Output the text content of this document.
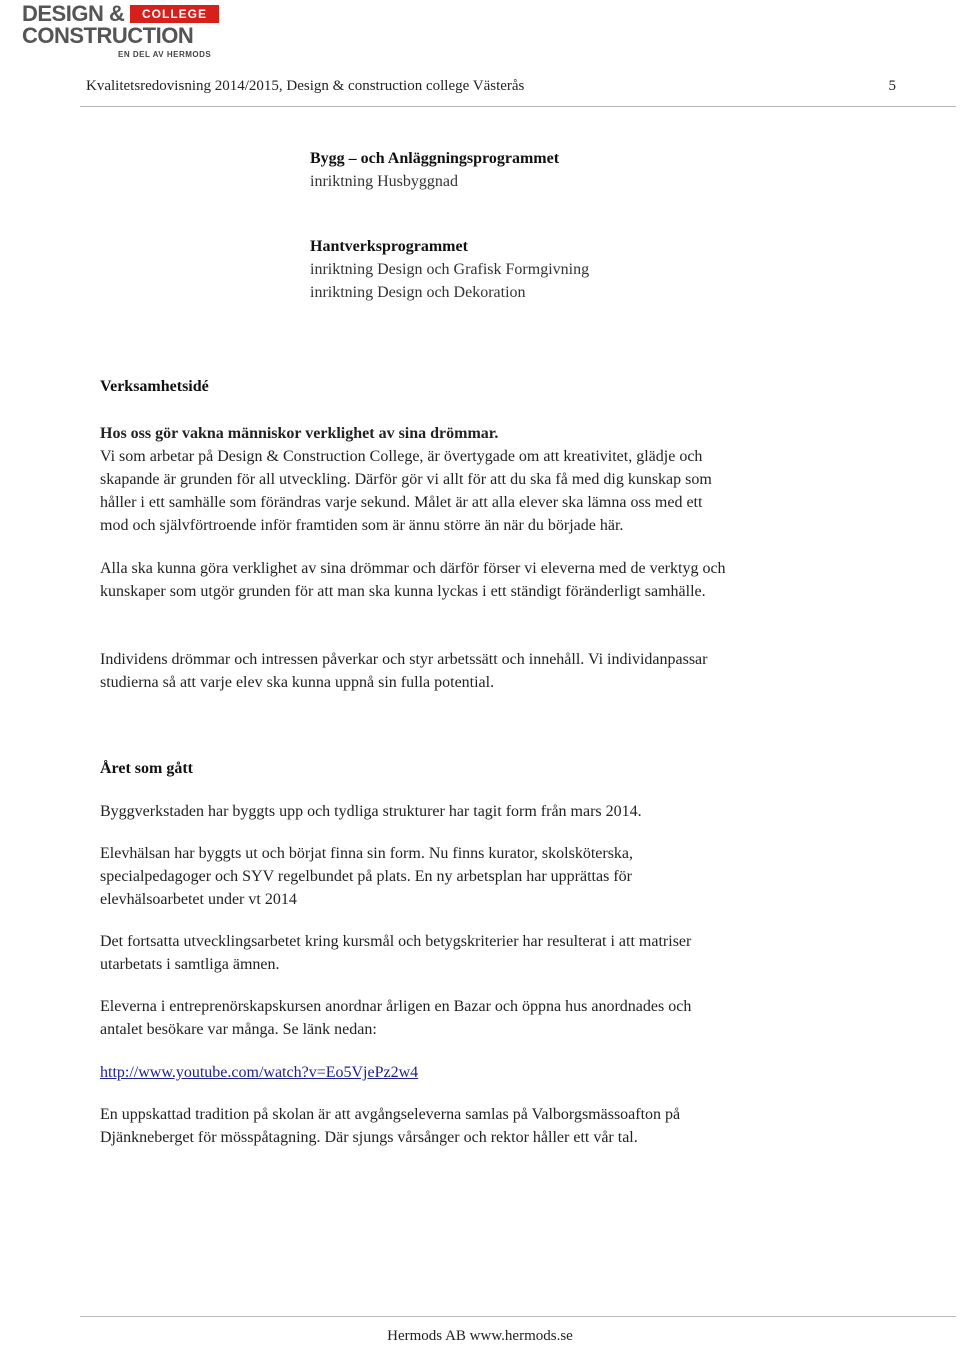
DESIGN &	COLLEGE
CONSTRUCTION
EN DEL AV HERMODS
Kvalitetsredovisning 2014/2015, Design & construction college Västerås	5
Bygg – och Anläggningsprogrammet
inriktning Husbyggnad
Hantverksprogrammet
inriktning Design och Grafisk Formgivning
inriktning Design och Dekoration
Verksamhetsidé

Hos oss gör vakna människor verklighet av sina drömmar.

Vi som arbetar på Design & Construction College, är övertygade om att kreativitet, glädje och
skapande är grunden för all utveckling. Därför gör vi allt för att du ska få med dig kunskap som
håller i ett samhälle som förändras varje sekund. Målet är att alla elever ska lämna oss med ett
mod och självförtroende inför framtiden som är ännu större än när du började här.

Alla ska kunna göra verklighet av sina drömmar och därför förser vi eleverna med de verktyg och
kunskaper som utgör grunden för att man ska kunna lyckas i ett ständigt föränderligt samhälle.
Individens drömmar och intressen påverkar och styr arbetssätt och innehåll. Vi individanpassar
studierna så att varje elev ska kunna uppnå sin fulla potential.
Året som gått
Byggverkstaden har byggts upp och tydliga strukturer har tagit form från mars 2014.
Elevhälsan har byggts ut och börjat finna sin form. Nu finns kurator, skolsköterska,
specialpedagoger och SYV regelbundet på plats. En ny arbetsplan har upprättas för
elevhälsoarbetet under vt 2014
Det fortsatta utvecklingsarbetet kring kursmål och betygskriterier har resulterat i att matriser
utarbetats i samtliga ämnen.
Eleverna i entreprenörskapskursen anordnar årligen en Bazar och öppna hus anordnades och
antalet besökare var många. Se länk nedan:
http://www.youtube.com/watch?v=Eo5VjePz2w4
En uppskattad tradition på skolan är att avgångseleverna samlas på Valborgsmässoafton på
Djänkneberget för mösspåtagning. Där sjungs vårsånger och rektor håller ett vår tal.
Hermods AB www.hermods.se
